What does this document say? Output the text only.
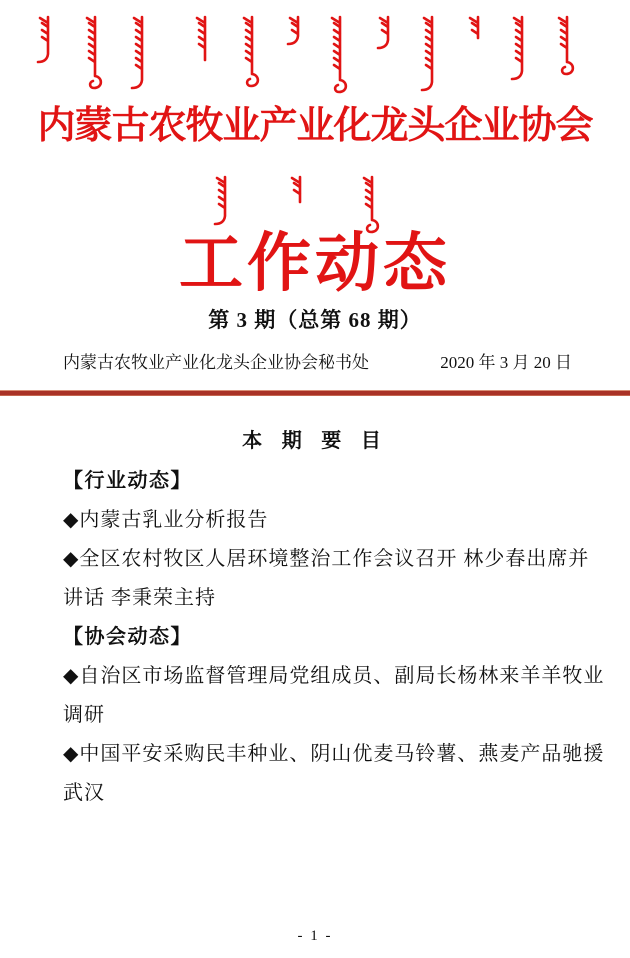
内蒙古农牧业产业化龙头企业协会
工作动态
第 3 期（总第 68 期）
内蒙古农牧业产业化龙头企业协会秘书处	2020 年 3 月 20 日
本 期 要 目
【行业动态】
◆内蒙古乳业分析报告
◆全区农村牧区人居环境整治工作会议召开 林少春出席并
讲话 李秉荣主持
【协会动态】
◆自治区市场监督管理局党组成员、副局长杨林来羊羊牧业
调研
◆中国平安采购民丰种业、阴山优麦马铃薯、燕麦产品驰援
武汉
- 1 -
